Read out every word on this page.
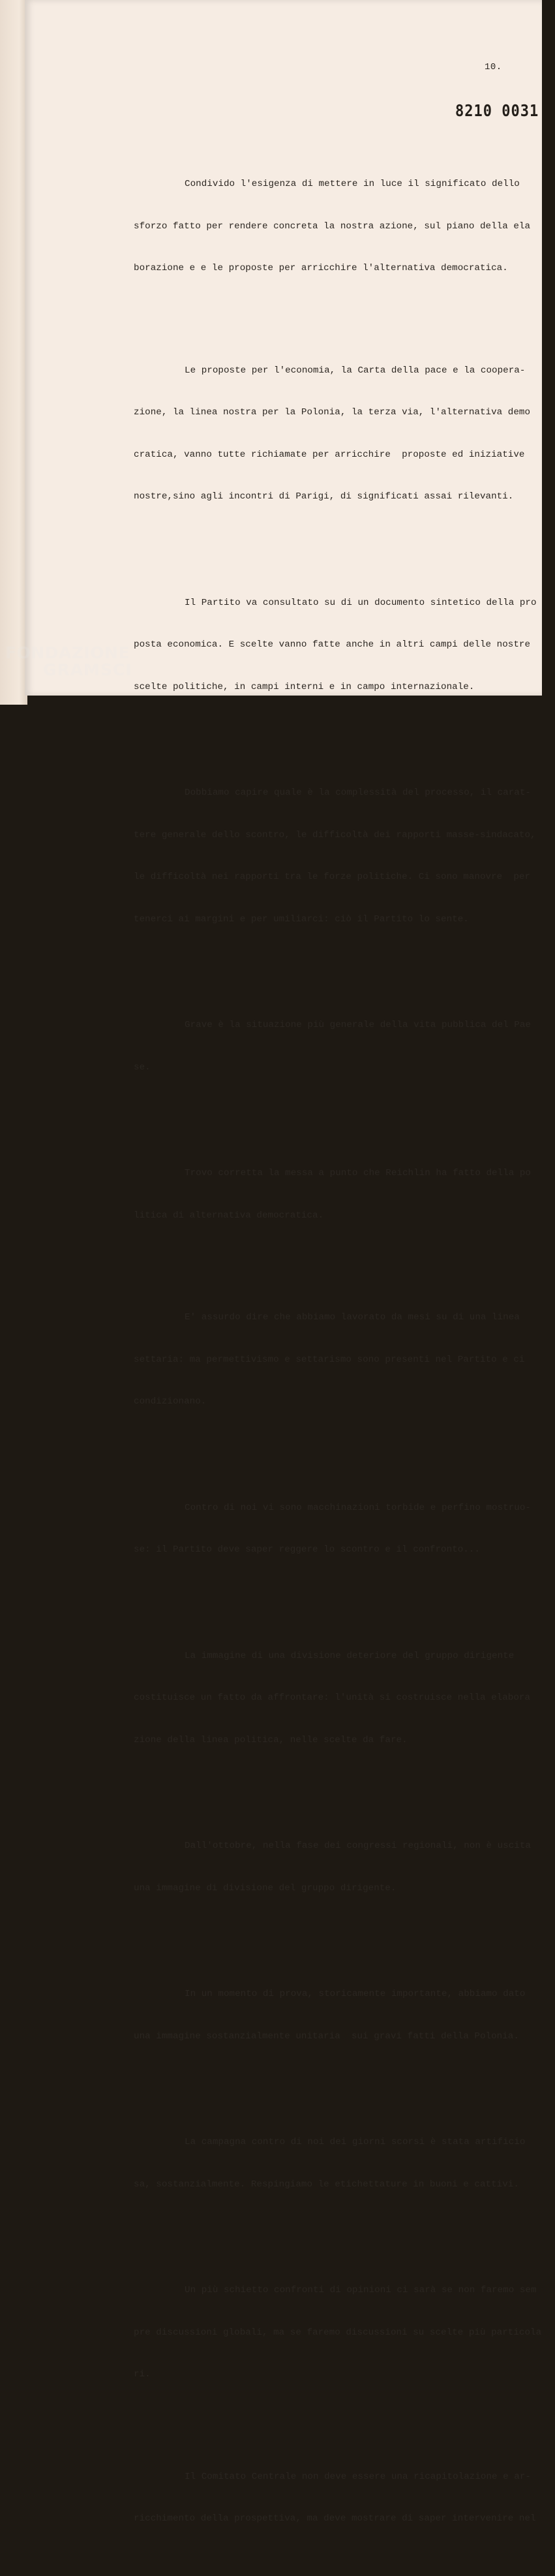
10.
8210 0031

Condivido l'esigenza di mettere in luce il significato dello

sforzo fatto per rendere concreta la nostra azione, sul piano della ela

borazione e e le proposte per arricchire l'alternativa democratica.

Le proposte per l'economia, la Carta della pace e la coopera-

zione, la linea nostra per la Polonia, la terza via, l'alternativa demo

cratica, vanno tutte richiamate per arricchire  proposte ed iniziative

nostre,sino agli incontri di Parigi, di significati assai rilevanti.

Il Partito va consultato su di un documento sintetico della pro

posta economica. E scelte vanno fatte anche in altri campi delle nostre

scelte politiche, in campi interni e in campo internazionale.

Dobbiamo capire quale è la complessità del processo, il carat-

tere generale dello scontro, le difficoltà dei rapporti masse-sindacato,

le difficoltà nei rapporti tra le forze politiche. Ci sono manovre  per

tenerci ai margini e per umiliarci: ciò il Partito lo sente.

Grave è la situazione più generale della vita pubblica del Pae

se.

Trovo corretta la messa a punto che Reichlin ha fatto della po

litica di alternativa democratica.

E' assurdo dire che abbiamo lavorato da mesi su di una linea

settaria: ma permettivismo e settarismo sono presenti nel Partito e ci

condizionano.

Contro di noi vi sono macchinazioni torbide e perfino mostruo-

se: il Partito deve saper reggere lo scontro e il confronto...

La immagine di una divisione deteriore del gruppo dirigente

costituisce un fatto da affrontare: l'unità si costruisce nella elabora

zione della linea politica, nelle scelte da fare.

Dall'ottobre, nella fase dei congressi regionali, non è uscita

una immagine di divisione del gruppo dirigente.

In un momento di prova, storicamente importante, abbiamo dato

una immagine sostanzialmente unitaria  sui gravi fatti della Polonia.

La campagna contro di noi dei giorni scorsi è stata artificio

sa, sostanzialmente. Respingiamo le etichettature in buoni e cattivi.

Un più schietto confronti di opinioni ci sarà se non faremo sem

pre discussioni globali, ma se faremo discussioni su scelte più particola

ri.

Il Comitato Centrale non deve essere una ricapitolazione e ar-

ricchimento della prospettiva, ma deve mostrare di saper intervenire nel

FONDAZIONE
GRAMSCI
